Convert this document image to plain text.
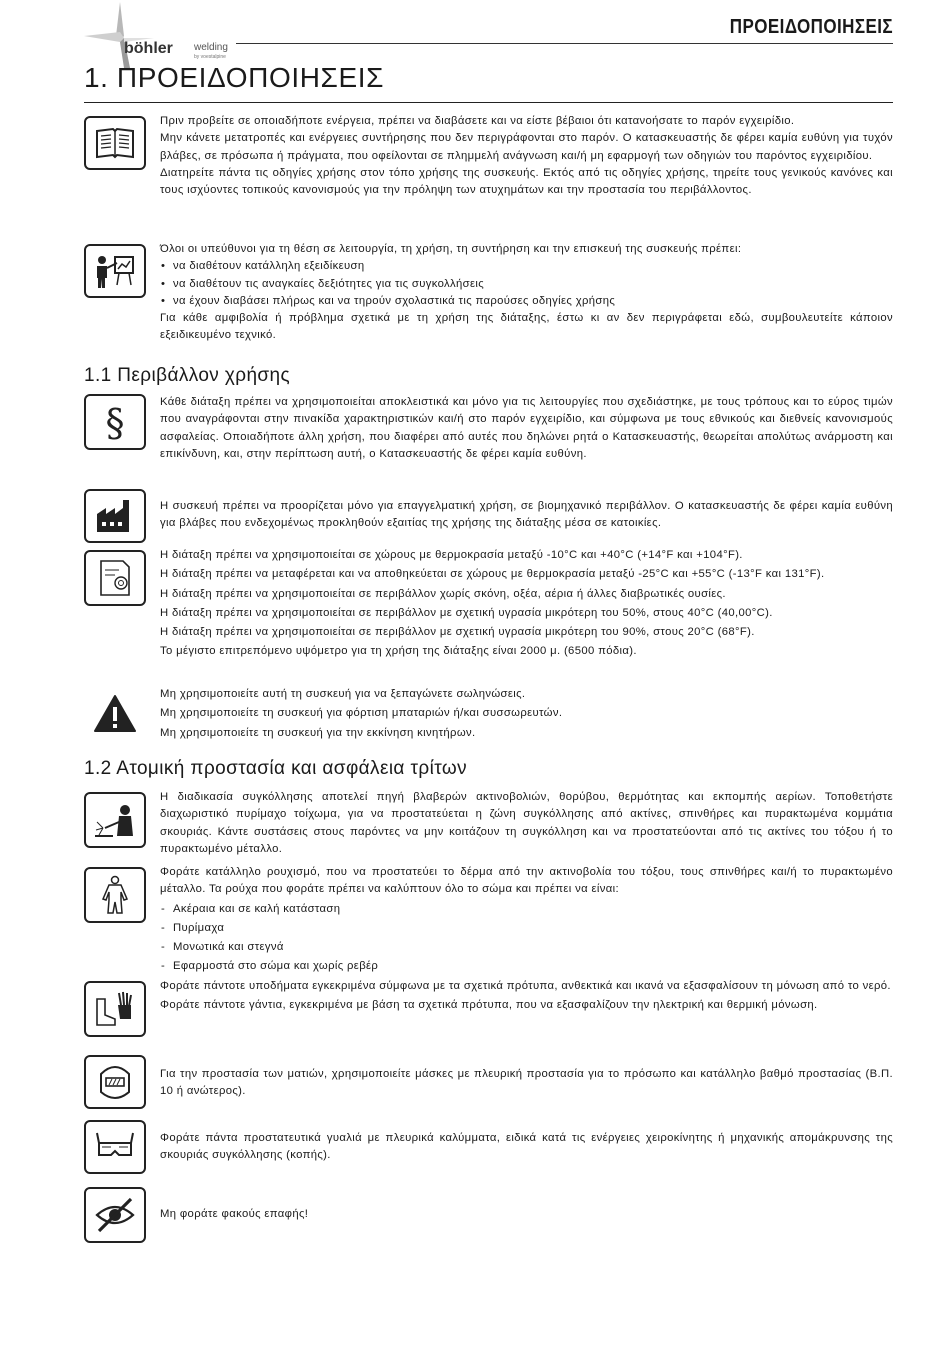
böhler welding
by voestalpine
ΠΡΟΕΙΔΟΠΟΙΗΣΕΙΣ
1. ΠΡΟΕΙΔΟΠΟΙΗΣΕΙΣ

Πριν προβείτε σε οποιαδήποτε ενέργεια, πρέπει να διαβάσετε και να είστε βέβαιοι ότι κατανοήσατε το παρόν εγχειρίδιο.

Μην κάνετε μετατροπές και ενέργειες συντήρησης που δεν περιγράφονται στο παρόν. Ο κατασκευαστής δε φέρει καμία ευθύνη για τυχόν βλάβες, σε πρόσωπα ή πράγματα, που οφείλονται σε πλημμελή ανάγνωση και/ή μη εφαρμογή των οδηγιών του παρόντος εγχειριδίου.

Διατηρείτε πάντα τις οδηγίες χρήσης στον τόπο χρήσης της συσκευής. Εκτός από τις οδηγίες χρήσης, τηρείτε τους γενικούς κανόνες και τους ισχύοντες τοπικούς κανονισμούς για την πρόληψη των ατυχημάτων και την προστασία του περιβάλλοντος.

Όλοι οι υπεύθυνοι για τη θέση σε λειτουργία, τη χρήση, τη συντήρηση και την επισκευή της συσκευής πρέπει:

• να διαθέτουν κατάλληλη εξειδίκευση
• να διαθέτουν τις αναγκαίες δεξιότητες για τις συγκολλήσεις
• να έχουν διαβάσει πλήρως και να τηρούν σχολαστικά τις παρούσες οδηγίες χρήσης

Για κάθε αμφιβολία ή πρόβλημα σχετικά με τη χρήση της διάταξης, έστω κι αν δεν περιγράφεται εδώ, συμβουλευτείτε κάποιον εξειδικευμένο τεχνικό.

1.1 Περιβάλλον χρήσης
§	Κάθε διάταξη πρέπει να χρησιμοποιείται αποκλειστικά και μόνο για τις λειτουργίες που σχεδιάστηκε, με τους τρόπους και το εύρος τιμών που αναγράφονται στην πινακίδα χαρακτηριστικών και/ή στο παρόν εγχειρίδιο, και σύμφωνα με τους εθνικούς και διεθνείς κανονισμούς ασφαλείας. Οποιαδήποτε άλλη χρήση, που διαφέρει από αυτές που δηλώνει ρητά ο Κατασκευαστής, θεωρείται απολύτως ανάρμοστη και επικίνδυνη, και, στην περίπτωση αυτή, ο Κατασκευαστής δε φέρει καμία ευθύνη.

Η συσκευή πρέπει να προορίζεται μόνο για επαγγελματική χρήση, σε βιομηχανικό περιβάλλον. Ο κατασκευαστής δε φέρει καμία ευθύνη για βλάβες που ενδεχομένως προκληθούν εξαιτίας της χρήσης της διάταξης μέσα σε κατοικίες.

Η διάταξη πρέπει να χρησιμοποιείται σε χώρους με θερμοκρασία μεταξύ -10°C και +40°C (+14°F και +104°F).

Η διάταξη πρέπει να μεταφέρεται και να αποθηκεύεται σε χώρους με θερμοκρασία μεταξύ -25°C και +55°C (-13°F και 131°F).

Η διάταξη πρέπει να χρησιμοποιείται σε περιβάλλον χωρίς σκόνη, οξέα, αέρια ή άλλες διαβρωτικές ουσίες.

Η διάταξη πρέπει να χρησιμοποιείται σε περιβάλλον με σχετική υγρασία μικρότερη του 50%, στους 40°C (40,00°C).

Η διάταξη πρέπει να χρησιμοποιείται σε περιβάλλον με σχετική υγρασία μικρότερη του 90%, στους 20°C (68°F).

Το μέγιστο επιτρεπόμενο υψόμετρο για τη χρήση της διάταξης είναι 2000 μ. (6500 πόδια).

Μη χρησιμοποιείτε αυτή τη συσκευή για να ξεπαγώνετε σωληνώσεις.

Μη χρησιμοποιείτε τη συσκευή για φόρτιση μπαταριών ή/και συσσωρευτών.

Μη χρησιμοποιείτε τη συσκευή για την εκκίνηση κινητήρων.

1.2 Ατομική προστασία και ασφάλεια τρίτων

Η διαδικασία συγκόλλησης αποτελεί πηγή βλαβερών ακτινοβολιών, θορύβου, θερμότητας και εκπομπής αερίων. Τοποθετήστε διαχωριστικό πυρίμαχο τοίχωμα, για να προστατεύεται η ζώνη συγκόλλησης από ακτίνες, σπινθήρες και πυρακτωμένα κομμάτια σκουριάς. Κάντε συστάσεις στους παρόντες να μην κοιτάζουν τη συγκόλληση και να προστατεύονται από τις ακτίνες του τόξου ή το πυρακτωμένο μέταλλο.

Φοράτε κατάλληλο ρουχισμό, που να προστατεύει το δέρμα από την ακτινοβολία του τόξου, τους σπινθήρες και/ή το πυρακτωμένο μέταλλο. Τα ρούχα που φοράτε πρέπει να καλύπτουν όλο το σώμα και πρέπει να είναι:

- Ακέραια και σε καλή κατάσταση
- Πυρίμαχα
- Μονωτικά και στεγνά
- Εφαρμοστά στο σώμα και χωρίς ρεβέρ

Φοράτε πάντοτε υποδήματα εγκεκριμένα σύμφωνα με τα σχετικά πρότυπα, ανθεκτικά και ικανά να εξασφαλίσουν τη μόνωση από το νερό.

Φοράτε πάντοτε γάντια, εγκεκριμένα με βάση τα σχετικά πρότυπα, που να εξασφαλίζουν την ηλεκτρική και θερμική μόνωση.

Για την προστασία των ματιών, χρησιμοποιείτε μάσκες με πλευρική προστασία για το πρόσωπο και κατάλληλο βαθμό προστασίας (Β.Π. 10 ή ανώτερος).

Φοράτε πάντα προστατευτικά γυαλιά με πλευρικά καλύμματα, ειδικά κατά τις ενέργειες χειροκίνητης ή μηχανικής απομάκρυνσης της σκουριάς συγκόλλησης (κοπής).

Μη φοράτε φακούς επαφής!
